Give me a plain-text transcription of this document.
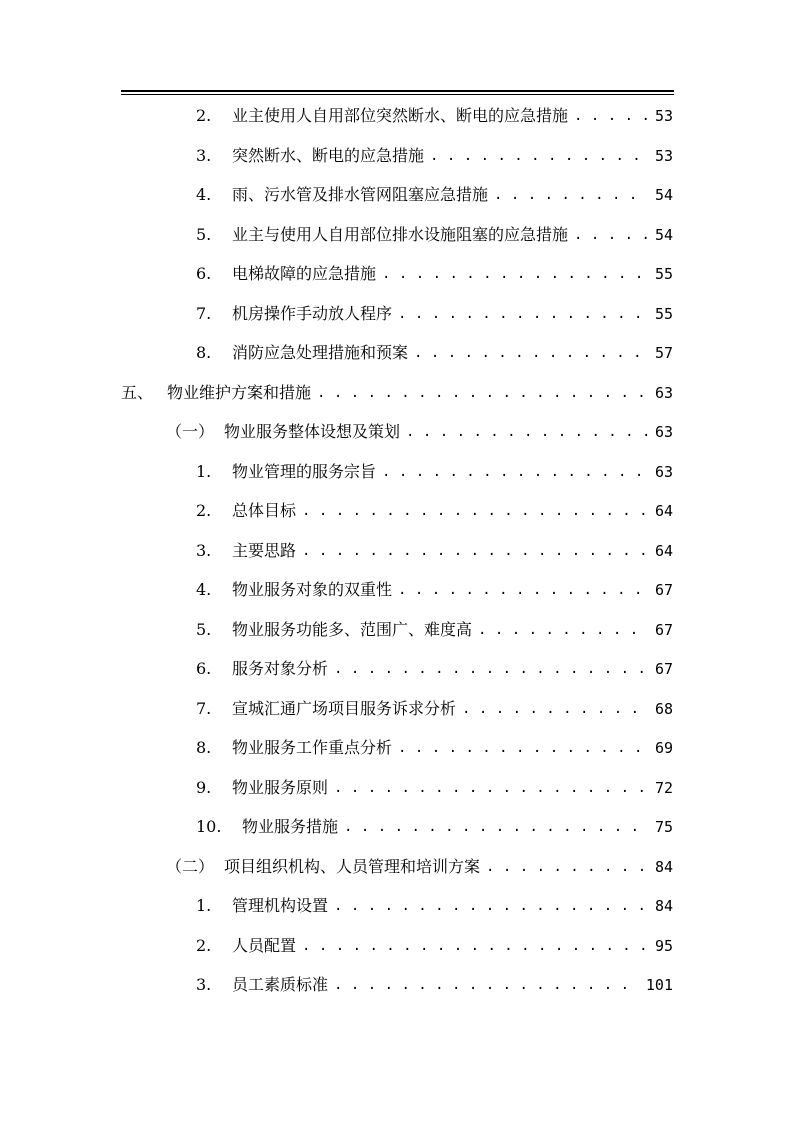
2.	业主使用人自用部位突然断水、断电的应急措施 . . .	53
3.	突然断水、断电的应急措施 . . .	53
4.	雨、污水管及排水管网阻塞应急措施 . . .	54
5.	业主与使用人自用部位排水设施阻塞的应急措施 . . .	54
6.	电梯故障的应急措施 . . .	55
7.	机房操作手动放人程序 . . .	55
8.	消防应急处理措施和预案 . . .	57
五、 物业维护方案和措施 . . .	63
（一） 物业服务整体设想及策划 . . .	63
1.	物业管理的服务宗旨 . . .	63
2.	总体目标 . . .	64
3.	主要思路 . . .	64
4.	物业服务对象的双重性 . . .	67
5.	物业服务功能多、范围广、难度高 . . .	67
6.	服务对象分析 . . .	67
7.	宣城汇通广场项目服务诉求分析 . . .	68
8.	物业服务工作重点分析 . . .	69
9.	物业服务原则 . . .	72
10.	物业服务措施 . . .	75
（二） 项目组织机构、人员管理和培训方案 . . .	84
1.	管理机构设置 . . .	84
2.	人员配置 . . .	95
3.	员工素质标准 . . .	101
